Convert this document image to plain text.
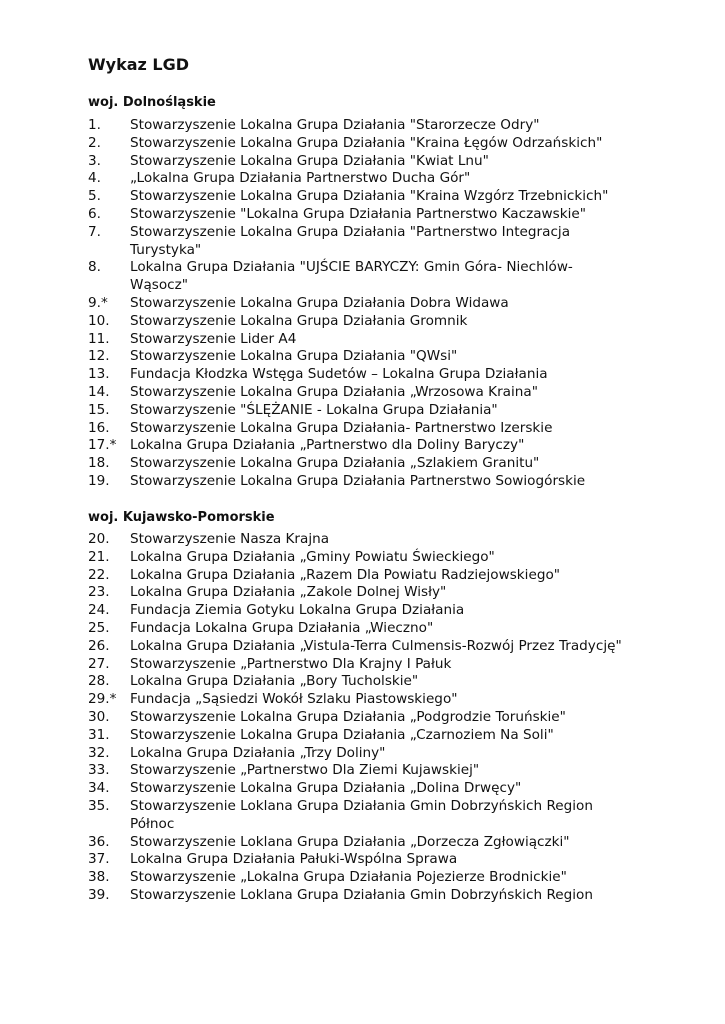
Wykaz LGD
woj. Dolnośląskie
1.	Stowarzyszenie Lokalna Grupa Działania "Starorzecze Odry"
2.	Stowarzyszenie Lokalna Grupa Działania "Kraina Łęgów Odrzańskich"
3.	Stowarzyszenie Lokalna Grupa Działania "Kwiat Lnu"
4.	„Lokalna Grupa Działania Partnerstwo Ducha Gór"
5.	Stowarzyszenie Lokalna Grupa Działania "Kraina Wzgórz Trzebnickich"
6.	Stowarzyszenie "Lokalna Grupa Działania Partnerstwo Kaczawskie"
7.	Stowarzyszenie Lokalna Grupa Działania "Partnerstwo Integracja Turystyka"
8.	Lokalna Grupa Działania "UJŚCIE BARYCZY: Gmin Góra- Niechlów-Wąsocz"
9.*	Stowarzyszenie Lokalna Grupa Działania Dobra Widawa
10.	Stowarzyszenie Lokalna Grupa Działania Gromnik
11.	Stowarzyszenie Lider A4
12.	Stowarzyszenie Lokalna Grupa Działania "QWsi"
13.	Fundacja Kłodzka Wstęga Sudetów – Lokalna Grupa Działania
14.	Stowarzyszenie Lokalna Grupa Działania „Wrzosowa Kraina"
15.	Stowarzyszenie "ŚLĘŻANIE - Lokalna Grupa Działania"
16.	Stowarzyszenie Lokalna Grupa Działania- Partnerstwo Izerskie
17.* Lokalna Grupa Działania „Partnerstwo dla Doliny Baryczy"
18.	Stowarzyszenie Lokalna Grupa Działania „Szlakiem Granitu"
19.	Stowarzyszenie Lokalna Grupa Działania Partnerstwo Sowiogórskie
woj. Kujawsko-Pomorskie
20.	Stowarzyszenie Nasza Krajna
21.	Lokalna Grupa Działania „Gminy Powiatu Świeckiego"
22.	Lokalna Grupa Działania „Razem Dla Powiatu Radziejowskiego"
23.	Lokalna Grupa Działania „Zakole Dolnej Wisły"
24.	Fundacja Ziemia Gotyku Lokalna Grupa Działania
25.	Fundacja Lokalna Grupa Działania „Wieczno"
26.	Lokalna Grupa Działania „Vistula-Terra Culmensis-Rozwój Przez Tradycję"
27.	Stowarzyszenie „Partnerstwo Dla Krajny I Pałuk
28.	Lokalna Grupa Działania „Bory Tucholskie"
29.* Fundacja „Sąsiedzi Wokół Szlaku Piastowskiego"
30.	Stowarzyszenie Lokalna Grupa Działania „Podgrodzie Toruńskie"
31.	Stowarzyszenie Lokalna Grupa Działania „Czarnoziem Na Soli"
32.	Lokalna Grupa Działania „Trzy Doliny"
33.	Stowarzyszenie „Partnerstwo Dla Ziemi Kujawskiej"
34.	Stowarzyszenie Lokalna Grupa Działania „Dolina Drwęcy"
35.	Stowarzyszenie Loklana Grupa Działania Gmin Dobrzyńskich Region Północ
36.	Stowarzyszenie Loklana Grupa Działania „Dorzecza Zgłowiączki"
37.	Lokalna Grupa Działania Pałuki-Wspólna Sprawa
38.	Stowarzyszenie „Lokalna Grupa Działania Pojezierze Brodnickie"
39.	Stowarzyszenie Loklana Grupa Działania Gmin Dobrzyńskich Region
